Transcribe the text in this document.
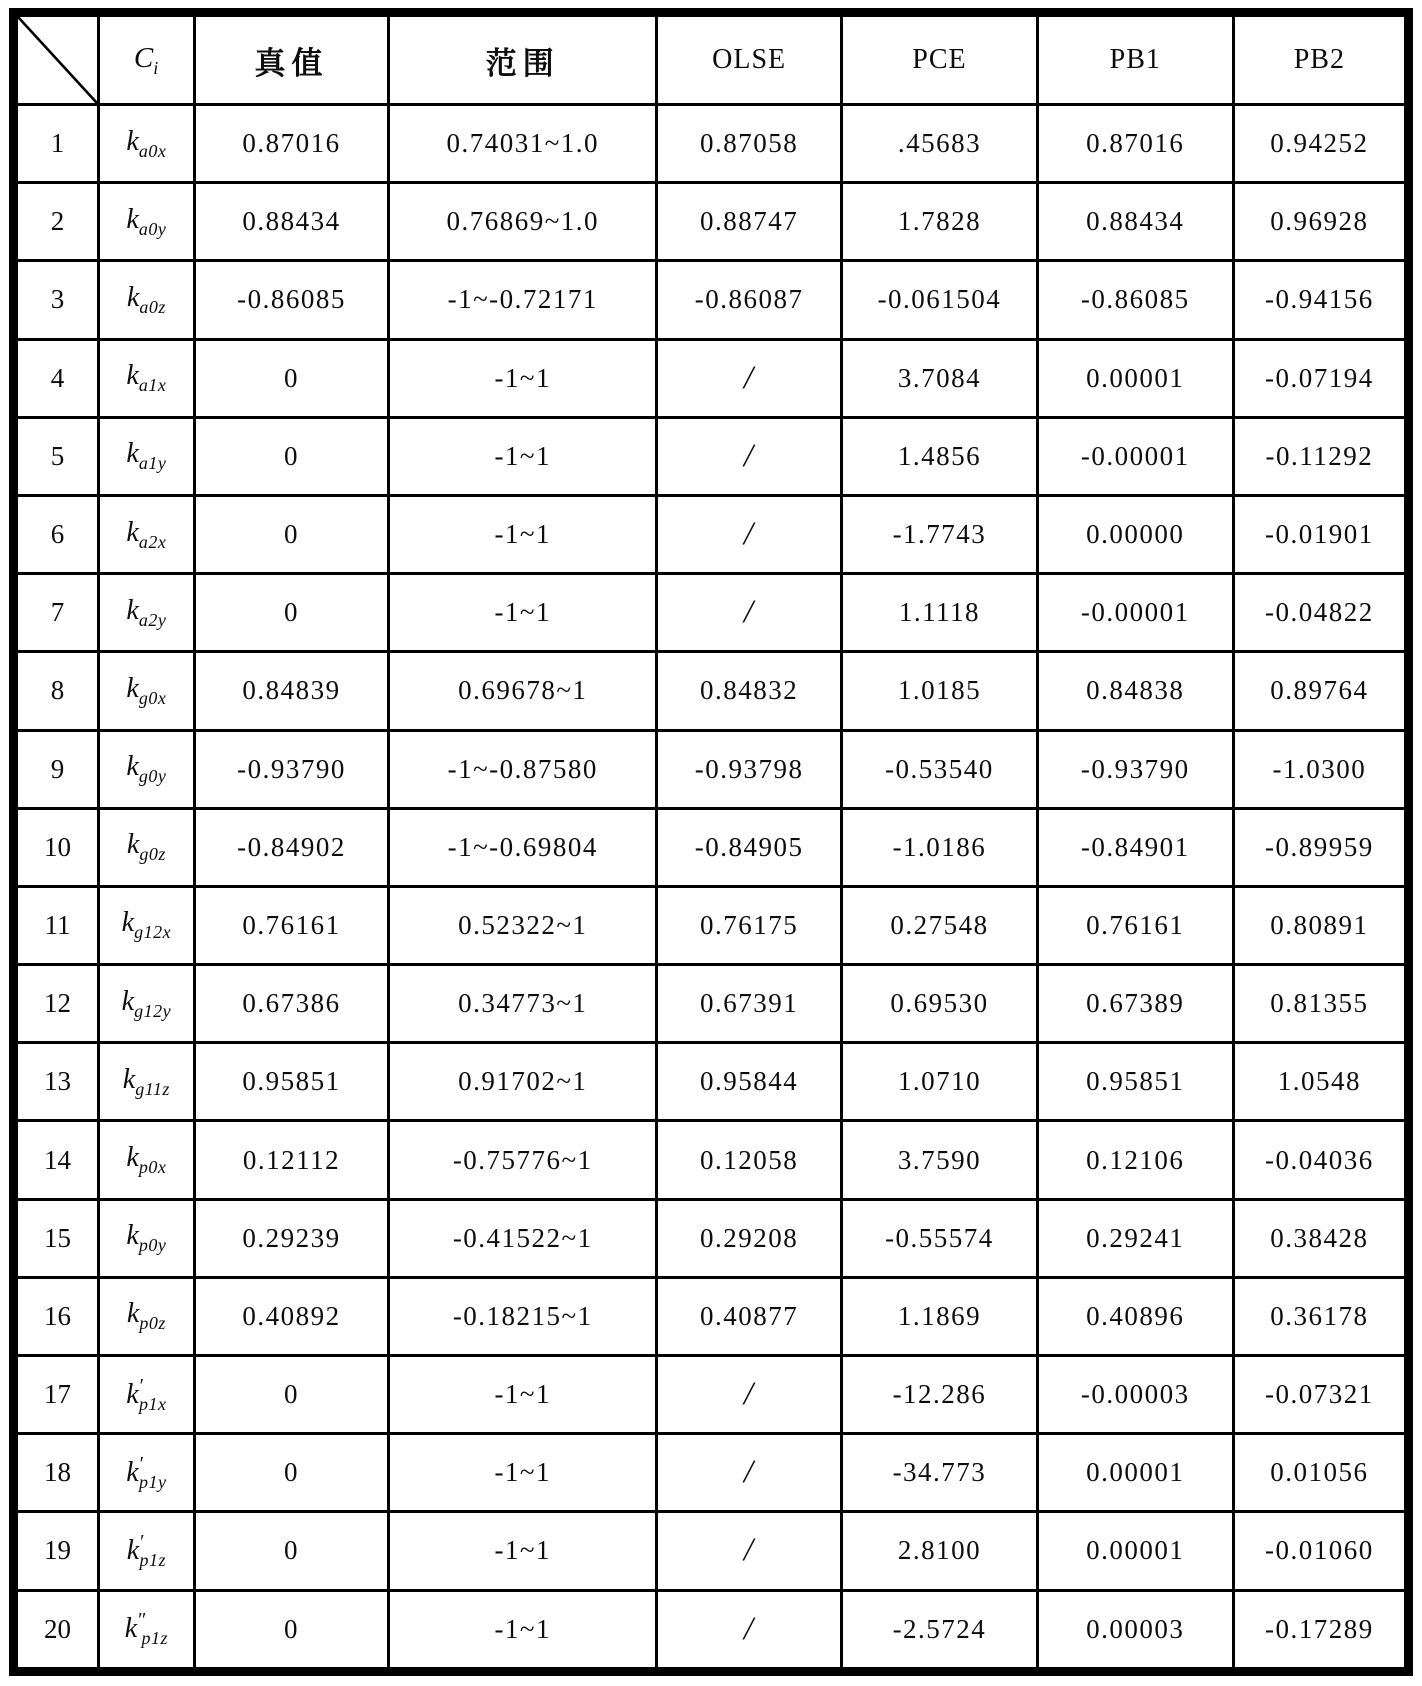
	$C_i$	真值	范围	OLSE	PCE	PB1	PB2
1	$k_{a0x}$	0.87016	0.74031~1.0	0.87058	.45683	0.87016	0.94252
2	$k_{a0y}$	0.88434	0.76869~1.0	0.88747	1.7828	0.88434	0.96928
3	$k_{a0z}$	-0.86085	-1~-0.72171	-0.86087	-0.061504	-0.86085	-0.94156
4	$k_{a1x}$	0	-1~1	/	3.7084	0.00001	-0.07194
5	$k_{a1y}$	0	-1~1	/	1.4856	-0.00001	-0.11292
6	$k_{a2x}$	0	-1~1	/	-1.7743	0.00000	-0.01901
7	$k_{a2y}$	0	-1~1	/	1.1118	-0.00001	-0.04822
8	$k_{g0x}$	0.84839	0.69678~1	0.84832	1.0185	0.84838	0.89764
9	$k_{g0y}$	-0.93790	-1~-0.87580	-0.93798	-0.53540	-0.93790	-1.0300
10	$k_{g0z}$	-0.84902	-1~-0.69804	-0.84905	-1.0186	-0.84901	-0.89959
11	$k_{g12x}$	0.76161	0.52322~1	0.76175	0.27548	0.76161	0.80891
12	$k_{g12y}$	0.67386	0.34773~1	0.67391	0.69530	0.67389	0.81355
13	$k_{g11z}$	0.95851	0.91702~1	0.95844	1.0710	0.95851	1.0548
14	$k_{p0x}$	0.12112	-0.75776~1	0.12058	3.7590	0.12106	-0.04036
15	$k_{p0y}$	0.29239	-0.41522~1	0.29208	-0.55574	0.29241	0.38428
16	$k_{p0z}$	0.40892	-0.18215~1	0.40877	1.1869	0.40896	0.36178
17	$k'_{p1x}$	0	-1~1	/	-12.286	-0.00003	-0.07321
18	$k'_{p1y}$	0	-1~1	/	-34.773	0.00001	0.01056
19	$k'_{p1z}$	0	-1~1	/	2.8100	0.00001	-0.01060
20	$k''_{p1z}$	0	-1~1	/	-2.5724	0.00003	-0.17289
